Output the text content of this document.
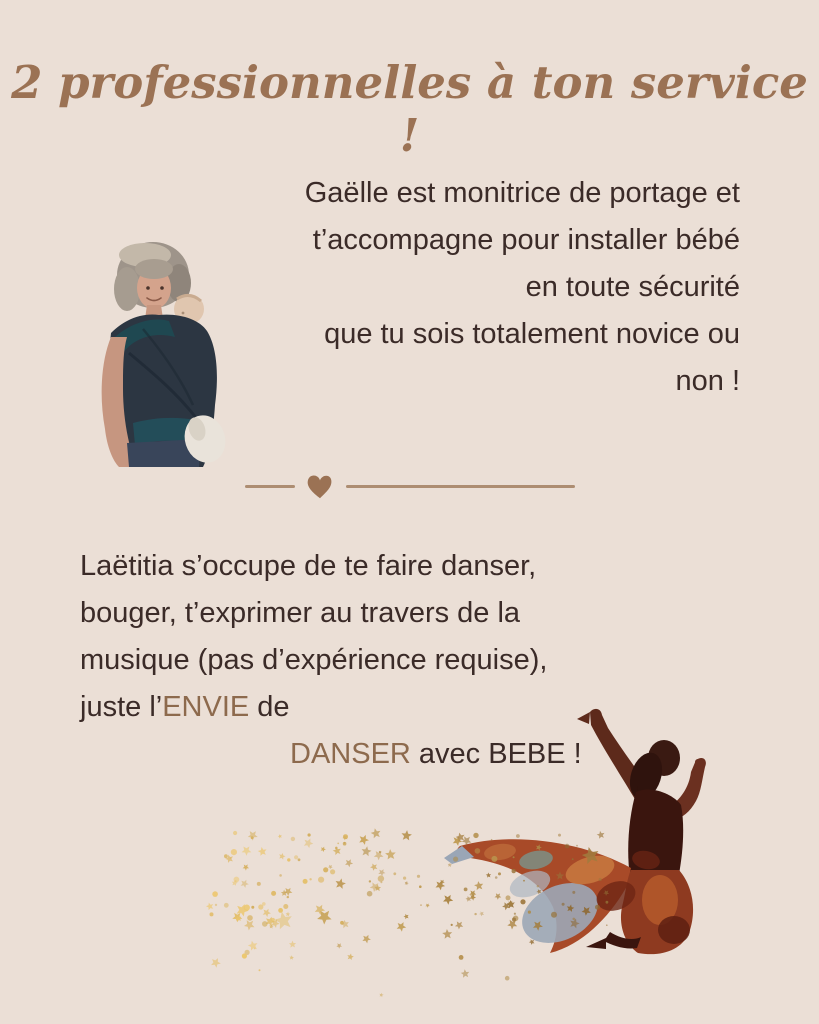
2 professionnelles à ton service !
Gaëlle est monitrice de portage et
t’accompagne pour installer bébé
en toute sécurité
que tu sois totalement novice ou
non !
Laëtitia s’occupe de te faire danser,
bouger, t’exprimer au travers de la
musique (pas d’expérience requise),
juste l’ENVIE de
DANSER avec BEBE !
